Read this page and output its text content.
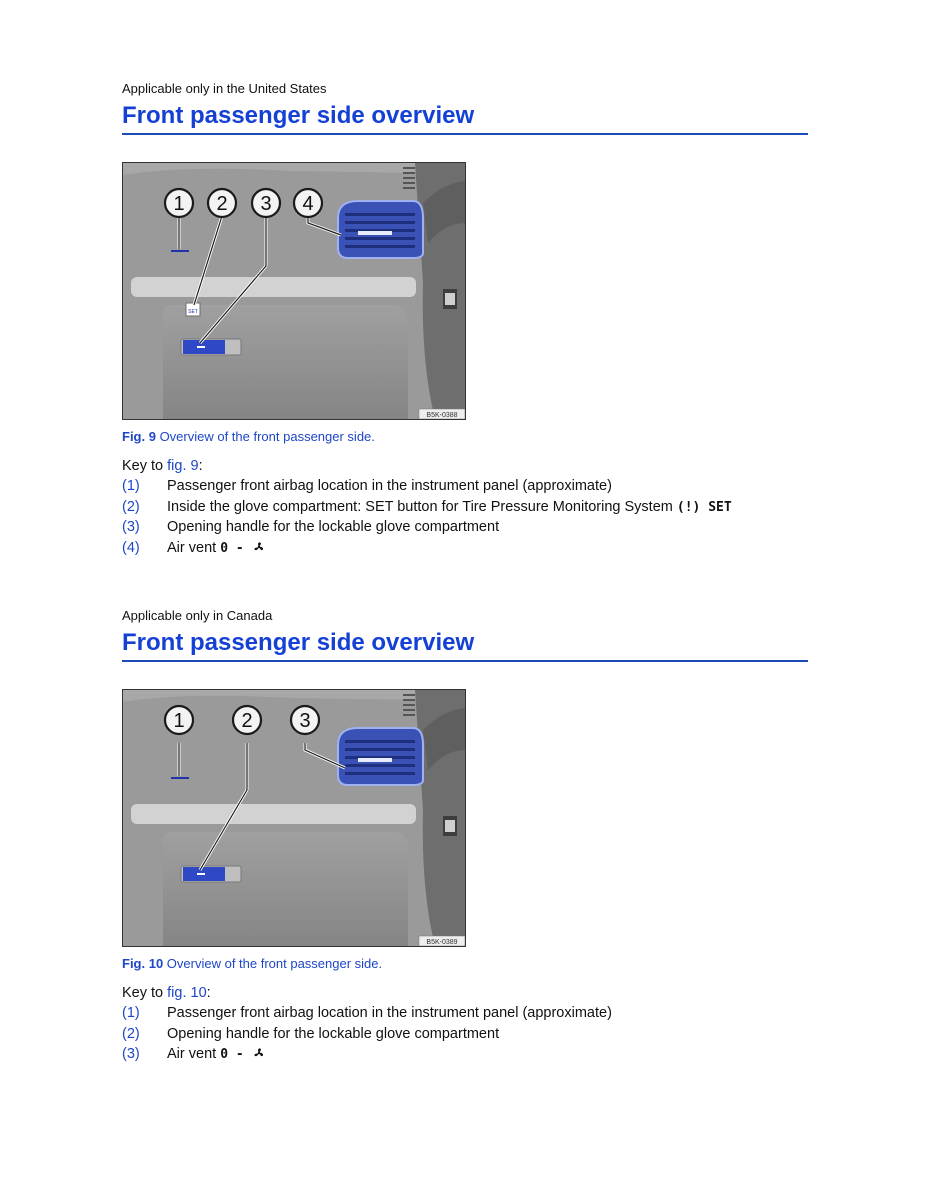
Applicable only in the United States
Front passenger side overview
SET
1 2 3 4
B5K-0388
Fig. 9 Overview of the front passenger side.
Key to fig. 9:
(1) Passenger front airbag location in the instrument panel (approximate)
(2) Inside the glove compartment: SET button for Tire Pressure Monitoring System (!) SET
(3) Opening handle for the lockable glove compartment
(4) Air vent 0 -
Applicable only in Canada
Front passenger side overview
1	2 3
B5K-0389
Fig. 10 Overview of the front passenger side.
Key to fig. 10:
(1) Passenger front airbag location in the instrument panel (approximate)
(2) Opening handle for the lockable glove compartment
(3) Air vent 0 -
